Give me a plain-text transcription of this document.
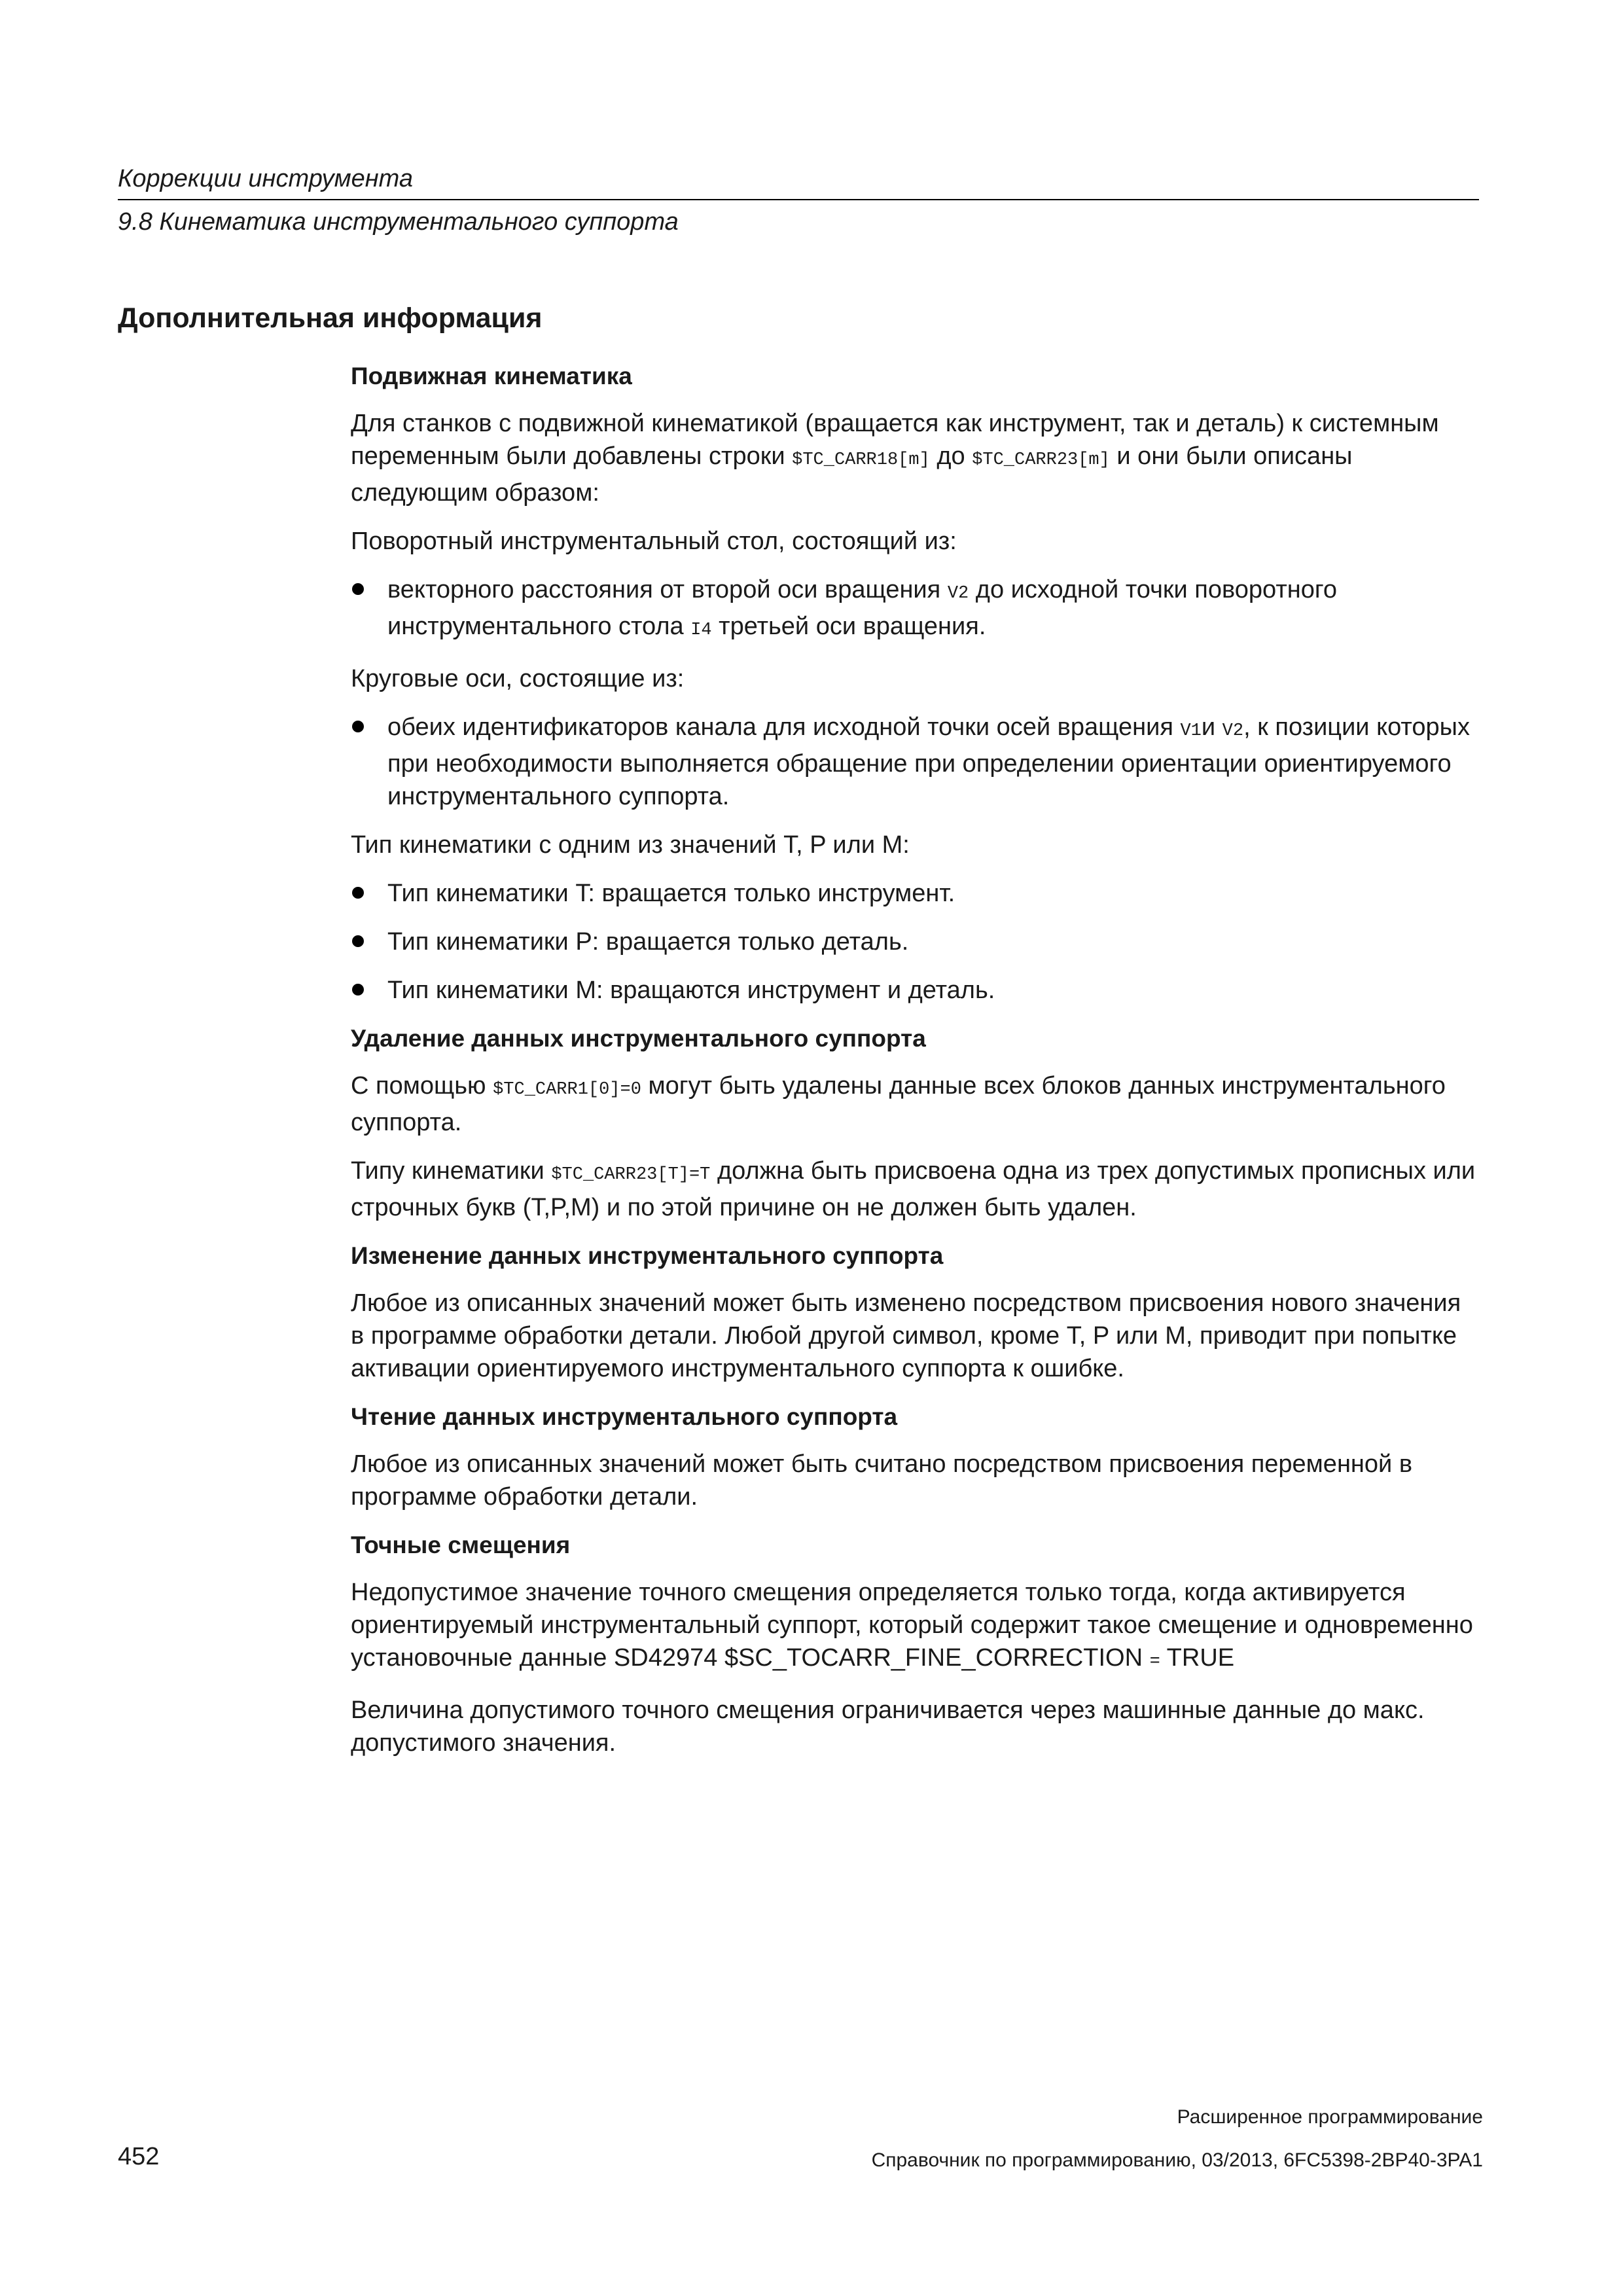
Коррекции инструмента
9.8 Кинематика инструментального суппорта
Дополнительная информация
Подвижная кинематика

Для станков с подвижной кинематикой (вращается как инструмент, так и деталь) к системным переменным были добавлены строки $TC_CARR18[m] до $TC_CARR23[m] и они были описаны следующим образом:

Поворотный инструментальный стол, состоящий из:

векторного расстояния от второй оси вращения V2 до исходной точки поворотного инструментального стола I4 третьей оси вращения.

Круговые оси, состоящие из:

обеих идентификаторов канала для исходной точки осей вращения V1и V2, к позиции которых при необходимости выполняется обращение при определении ориентации ориентируемого инструментального суппорта.

Тип кинематики с одним из значений T, P или M:

Тип кинематики T: вращается только инструмент.
Тип кинематики P: вращается только деталь.
Тип кинематики M: вращаются инструмент и деталь.
Удаление данных инструментального суппорта

С помощью $TC_CARR1[0]=0 могут быть удалены данные всех блоков данных инструментального суппорта.

Типу кинематики $TC_CARR23[T]=T должна быть присвоена одна из трех допустимых прописных или строчных букв (T,P,M) и по этой причине он не должен быть удален.

Изменение данных инструментального суппорта

Любое из описанных значений может быть изменено посредством присвоения нового значения в программе обработки детали. Любой другой символ, кроме T, P или M, приводит при попытке активации ориентируемого инструментального суппорта к ошибке.

Чтение данных инструментального суппорта

Любое из описанных значений может быть считано посредством присвоения переменной в программе обработки детали.

Точные смещения

Недопустимое значение точного смещения определяется только тогда, когда активируется ориентируемый инструментальный суппорт, который содержит такое смещение и одновременно установочные данные SD42974 $SC_TOCARR_FINE_CORRECTION = TRUE

Величина допустимого точного смещения ограничивается через машинные данные до макс. допустимого значения.

Расширенное программирование
452	Справочник по программированию, 03/2013, 6FC5398-2BP40-3PA1
